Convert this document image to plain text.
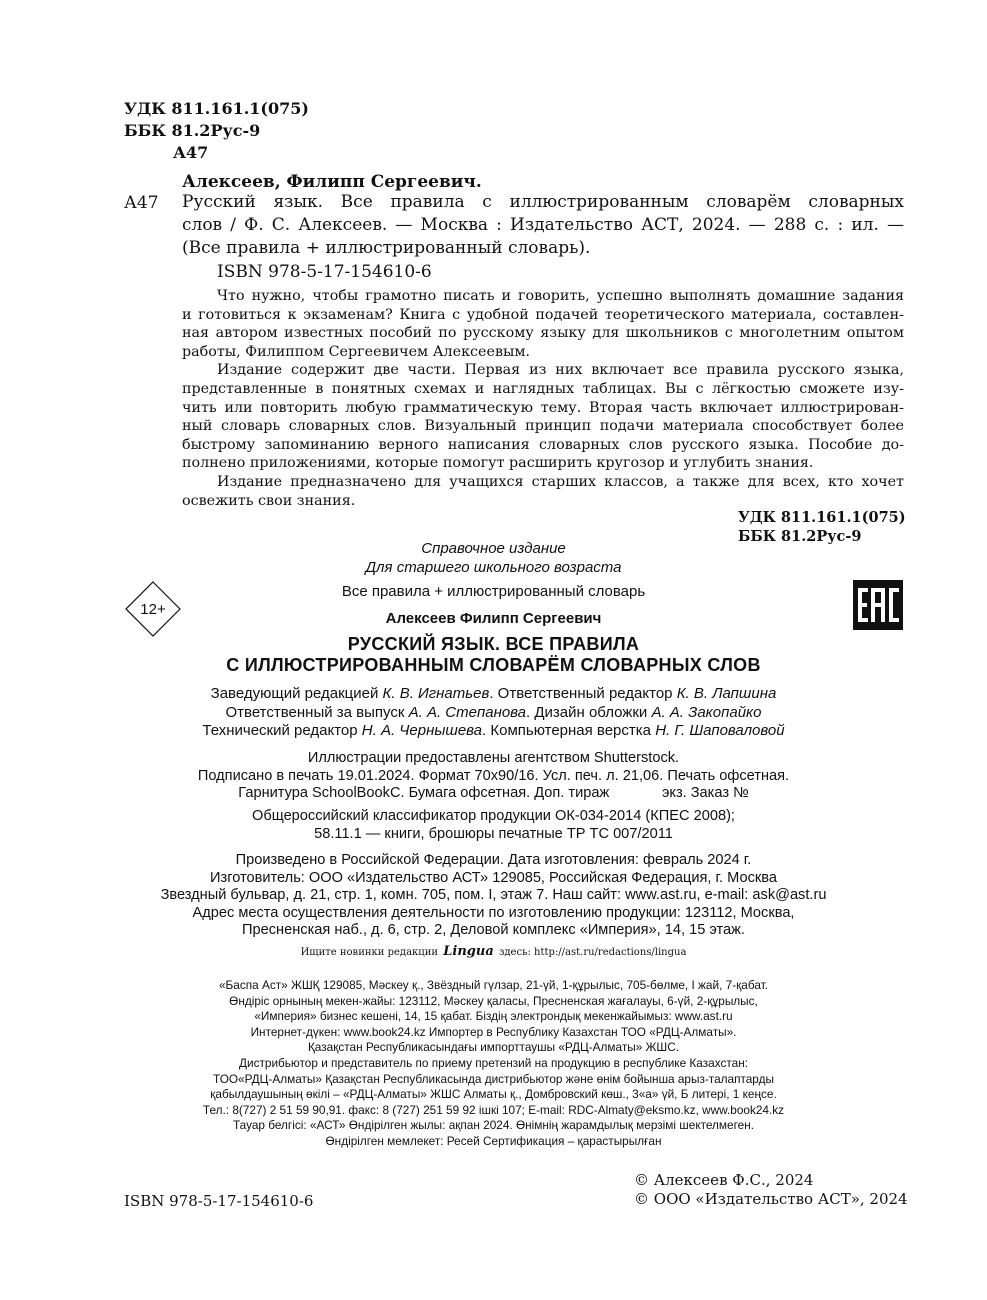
УДК 811.161.1(075)
ББК 81.2Рус-9
А47
Алексеев, Филипп Сергеевич.
А47 Русский язык. Все правила с иллюстрированным словарём словарных
слов / Ф. С. Алексеев. — Москва : Издательство АСТ, 2024. — 288 с. : ил. —
(Все правила + иллюстрированный словарь).
ISBN 978-5-17-154610-6
Что нужно, чтобы грамотно писать и говорить, успешно выполнять домашние задания
и готовиться к экзаменам? Книга с удобной подачей теоретического материала, составлен-
ная автором известных пособий по русскому языку для школьников с многолетним опытом
работы, Филиппом Сергеевичем Алексеевым.
Издание содержит две части. Первая из них включает все правила русского языка,
представленные в понятных схемах и наглядных таблицах. Вы с лёгкостью сможете изу-
чить или повторить любую грамматическую тему. Вторая часть включает иллюстрирован-
ный словарь словарных слов. Визуальный принцип подачи материала способствует более
быстрому запоминанию верного написания словарных слов русского языка. Пособие до-
полнено приложениями, которые помогут расширить кругозор и углубить знания.
Издание предназначено для учащихся старших классов, а также для всех, кто хочет
освежить свои знания.
УДК 811.161.1(075)
ББК 81.2Рус-9
Справочное издание
Для старшего школьного возраста
12+
Все правила + иллюстрированный словарь
Алексеев Филипп Сергеевич
РУССКИЙ ЯЗЫК. ВСЕ ПРАВИЛА
С ИЛЛЮСТРИРОВАННЫМ СЛОВАРЁМ СЛОВАРНЫХ СЛОВ
Заведующий редакцией К. В. Игнатьев. Ответственный редактор К. В. Лапшина
Ответственный за выпуск А. А. Степанова. Дизайн обложки А. А. Закопайко
Технический редактор Н. А. Чернышева. Компьютерная верстка Н. Г. Шаповаловой
Иллюстрации предоставлены агентством Shutterstock.
Подписано в печать 19.01.2024. Формат 70x90/16. Усл. печ. л. 21,06. Печать офсетная.
Гарнитура SchoolBookC. Бумага офсетная. Доп. тираж             экз. Заказ №
Общероссийский классификатор продукции ОК-034-2014 (КПЕС 2008);
58.11.1 — книги, брошюры печатные ТР ТС 007/2011
Произведено в Российской Федерации. Дата изготовления: февраль 2024 г.
Изготовитель: ООО «Издательство АСТ» 129085, Российская Федерация, г. Москва
Звездный бульвар, д. 21, стр. 1, комн. 705, пом. I, этаж 7. Наш сайт: www.ast.ru, e-mail: ask@ast.ru
Адрес места осуществления деятельности по изготовлению продукции: 123112, Москва,
Пресненская наб., д. 6, стр. 2, Деловой комплекс «Империя», 14, 15 этаж.
Ищите новинки редакции Lingua здесь: http://ast.ru/redactions/lingua
«Баспа Аст» ЖШҚ 129085, Мәскеу қ., Звёздный гүлзар, 21-үй, 1-құрылыс, 705-бөлме, I жай, 7-қабат.
Өндіріс орнының мекен-жайы: 123112, Мәскеу қаласы, Пресненская жағалауы, 6-үй, 2-құрылыс,
«Империя» бизнес кешені, 14, 15 қабат. Біздің электрондық мекенжайымыз: www.ast.ru
Интернет-дүкен: www.book24.kz Импортер в Республику Казахстан ТОО «РДЦ-Алматы».
Қазақстан Республикасындағы импорттаушы «РДЦ-Алматы» ЖШС.
Дистрибьютор и представитель по приему претензий на продукцию в республике Казахстан:
ТОО«РДЦ-Алматы» Қазақстан Республикасында дистрибьютор және өнім бойынша арыз-талаптарды
қабылдаушының өкілі – «РДЦ-Алматы» ЖШС Алматы қ., Домбровский көш., 3«а» үй, Б литері, 1 кеңсе.
Тел.: 8(727) 2 51 59 90,91. факс: 8 (727) 251 59 92 ішкі 107; E-mail: RDC-Almaty@eksmo.kz, www.book24.kz
Тауар белгісі: «АСТ» Өндірілген жылы: ақпан 2024. Өнімнің жарамдылық мерзімі шектелмеген.
Өндірілген мемлекет: Ресей Сертификация – қарастырылған
© Алексеев Ф.С., 2024
© ООО «Издательство АСТ», 2024
ISBN 978-5-17-154610-6
